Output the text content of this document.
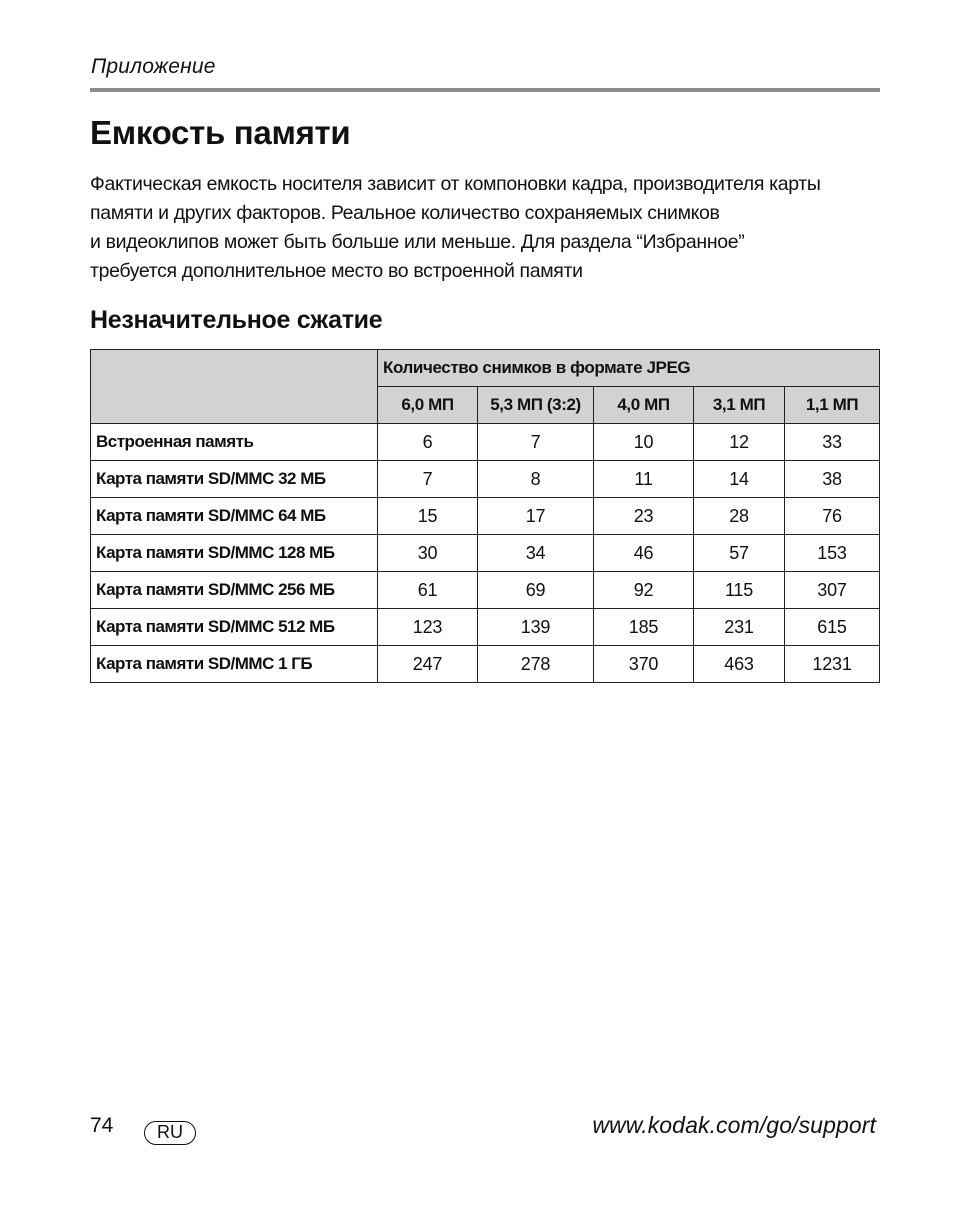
Приложение
Емкость памяти

Фактическая емкость носителя зависит от компоновки кадра, производителя карты
памяти и других факторов. Реальное количество сохраняемых снимков
и видеоклипов может быть больше или меньше. Для раздела “Избранное”
требуется дополнительное место во встроенной памяти

Незначительное сжатие
	Количество снимков в формате JPEG				
	6,0 МП	5,3 МП (3:2)	4,0 МП	3,1 МП	1,1 МП
Встроенная память	6	7	10	12	33
Карта памяти SD/MMC 32 МБ	7	8	11	14	38
Карта памяти SD/MMC 64 МБ	15	17	23	28	76
Карта памяти SD/MMC 128 МБ	30	34	46	57	153
Карта памяти SD/MMC 256 МБ	61	69	92	115	307
Карта памяти SD/MMC 512 МБ	123	139	185	231	615
Карта памяти SD/MMC 1 ГБ	247	278	370	463	1231
74	RU	www.kodak.com/go/support
